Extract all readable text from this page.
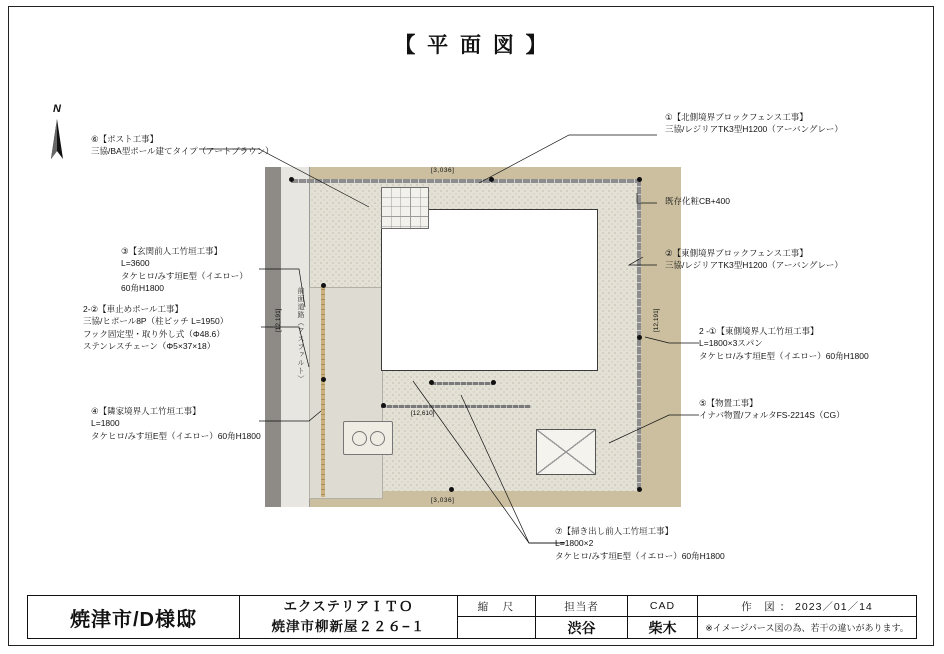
【 平 面 図 】
N
前面道路（アスファルト）
[3,036]
[3,036]
[12,191]	[12,191]
[12,610]
⑥【ポスト工事】
三協/BA型ポール建てタイプ（アートブラウン）
①【北側境界ブロックフェンス工事】
三協/レジリアTK3型H1200（アーバングレー）
既存化粧CB+400
②【東側境界ブロックフェンス工事】
三協/レジリアTK3型H1200（アーバングレー）
③【玄関前人工竹垣工事】
L=3600
タケヒロ/みす垣E型（イエロー）
60角H1800
2-②【車止めポール工事】
三協/ヒポール8P（柱ピッチ L=1950）
フック固定型・取り外し式（Φ48.6）
ステンレスチェーン（Φ5×37×18）
2 -①【東側境界人工竹垣工事】
L=1800×3スパン
タケヒロ/みす垣E型（イエロー）60角H1800
④【隣家境界人工竹垣工事】
L=1800
タケヒロ/みす垣E型（イエロー）60角H1800
⑤【物置工事】
イナバ物置/フォルタFS-2214S（CG）
⑦【掃き出し前人工竹垣工事】
L=1800×2
タケヒロ/みす垣E型（イエロー）60角H1800
焼津市/D様邸
エクステリアＩＴＯ
焼津市柳新屋２２６−１
縮　尺	担当者
渋谷
CAD
柴木
作　図 ： 2023／01／14
※イメージパース図の為、若干の違いがあります。
